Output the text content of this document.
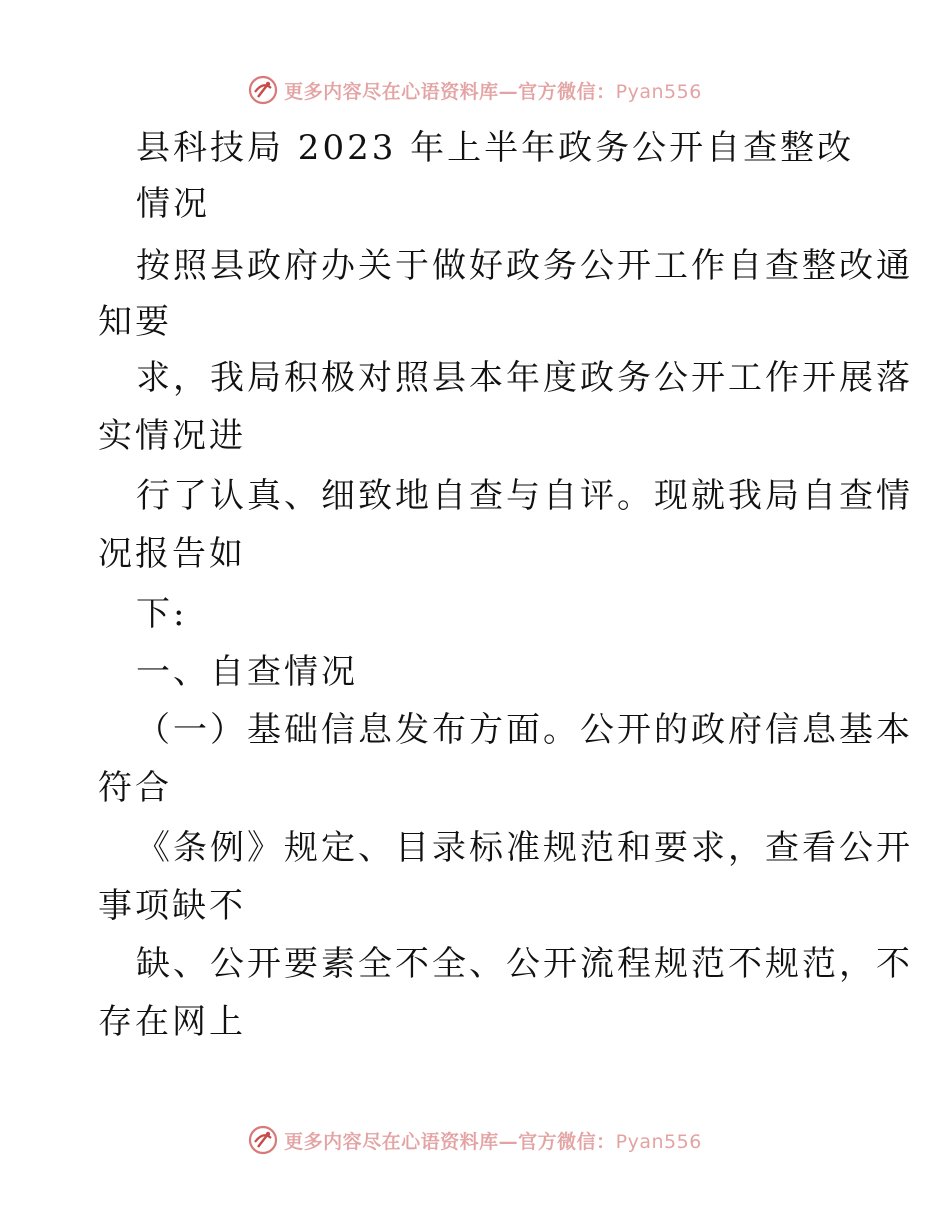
更多内容尽在心语资料库—官方微信：Pyan556
县科技局 2023 年上半年政务公开自查整改
情况
按照县政府办关于做好政务公开工作自查整改通
知要
求，我局积极对照县本年度政务公开工作开展落
实情况进
行了认真、细致地自查与自评。现就我局自查情
况报告如
下:
一、自查情况
（一）基础信息发布方面。公开的政府信息基本
符合
《条例》规定、目录标准规范和要求，查看公开
事项缺不
缺、公开要素全不全、公开流程规范不规范，不
存在网上
更多内容尽在心语资料库—官方微信：Pyan556
